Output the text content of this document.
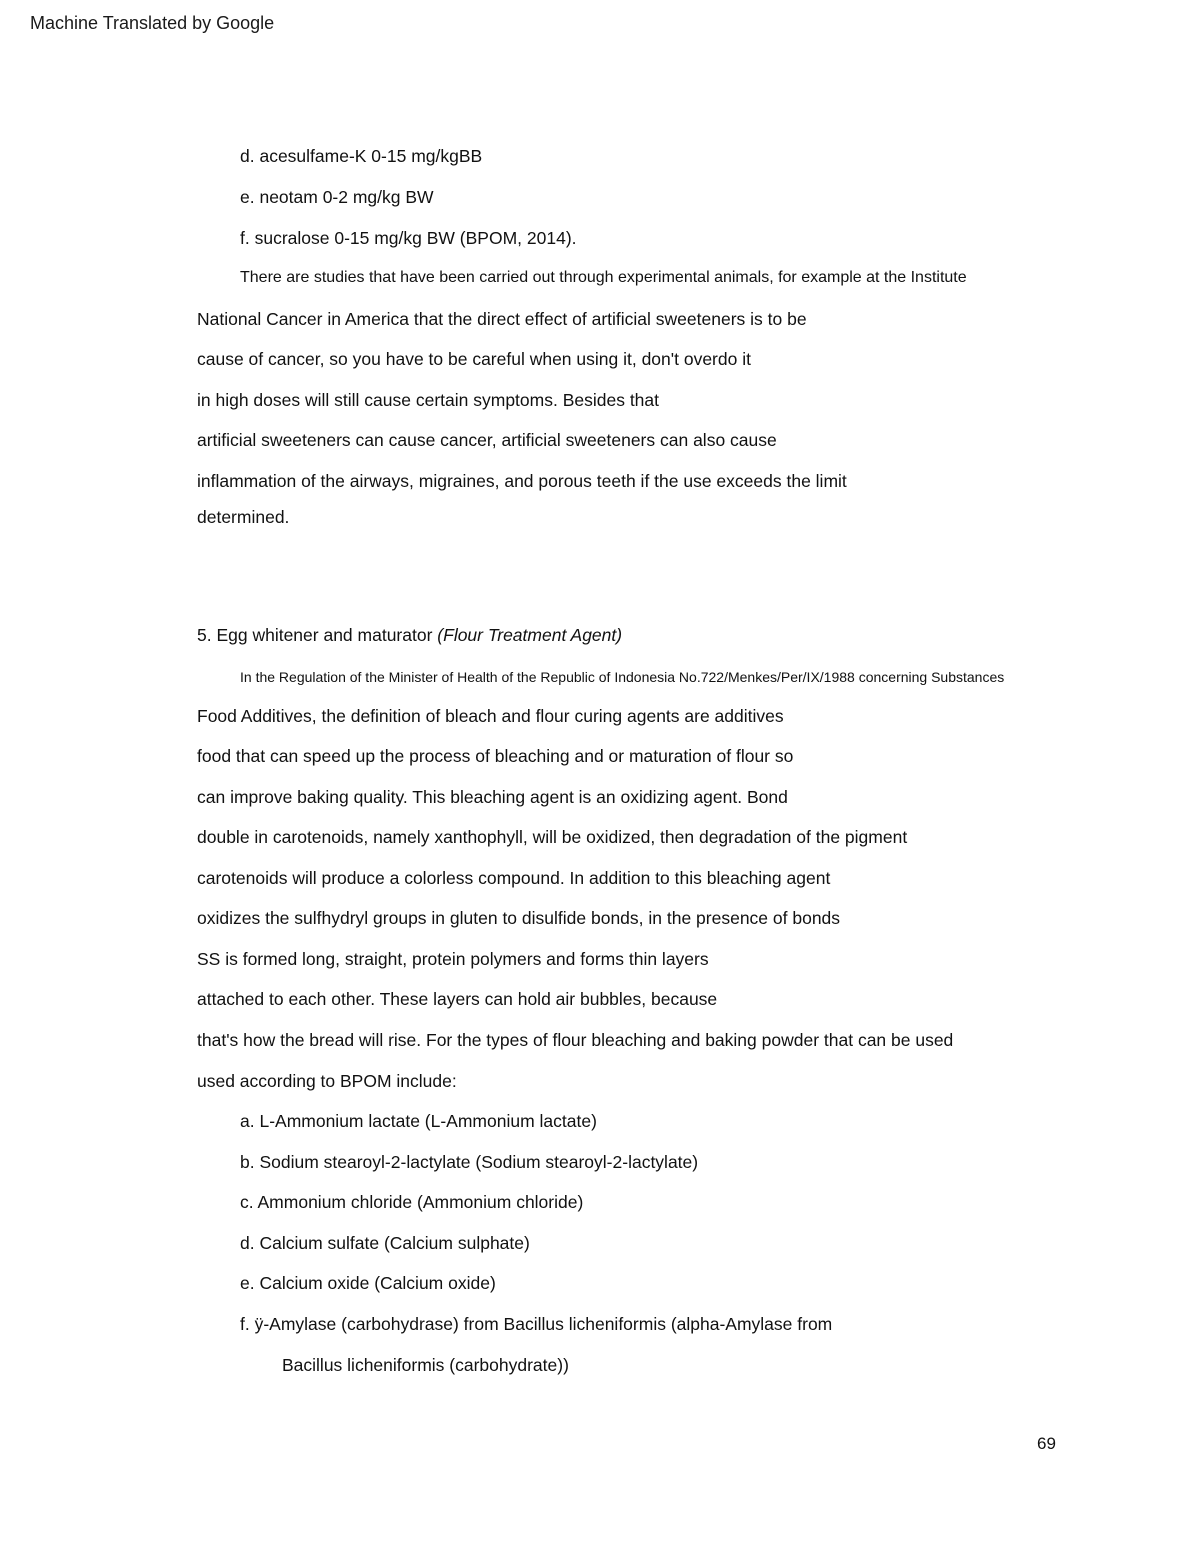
Machine Translated by Google
d. acesulfame-K 0-15 mg/kgBB
e. neotam 0-2 mg/kg BW
f. sucralose 0-15 mg/kg BW (BPOM, 2014).
There are studies that have been carried out through experimental animals, for example at the Institute
National Cancer in America that the direct effect of artificial sweeteners is to be
cause of cancer, so you have to be careful when using it, don't overdo it
in high doses will still cause certain symptoms. Besides that
artificial sweeteners can cause cancer, artificial sweeteners can also cause
inflammation of the airways, migraines, and porous teeth if the use exceeds the limit
determined.
5. Egg whitener and maturator (Flour Treatment Agent)
In the Regulation of the Minister of Health of the Republic of Indonesia No.722/Menkes/Per/IX/1988 concerning Substances
Food Additives, the definition of bleach and flour curing agents are additives
food that can speed up the process of bleaching and or maturation of flour so
can improve baking quality. This bleaching agent is an oxidizing agent. Bond
double in carotenoids, namely xanthophyll, will be oxidized, then degradation of the pigment
carotenoids will produce a colorless compound. In addition to this bleaching agent
oxidizes the sulfhydryl groups in gluten to disulfide bonds, in the presence of bonds
SS is formed long, straight, protein polymers and forms thin layers
attached to each other. These layers can hold air bubbles, because
that's how the bread will rise. For the types of flour bleaching and baking powder that can be used
used according to BPOM include:
a. L-Ammonium lactate (L-Ammonium lactate)
b. Sodium stearoyl-2-lactylate (Sodium stearoyl-2-lactylate)
c. Ammonium chloride (Ammonium chloride)
d. Calcium sulfate (Calcium sulphate)
e. Calcium oxide (Calcium oxide)
f. ÿ-Amylase (carbohydrase) from Bacillus licheniformis (alpha-Amylase from
Bacillus licheniformis (carbohydrate))
69
